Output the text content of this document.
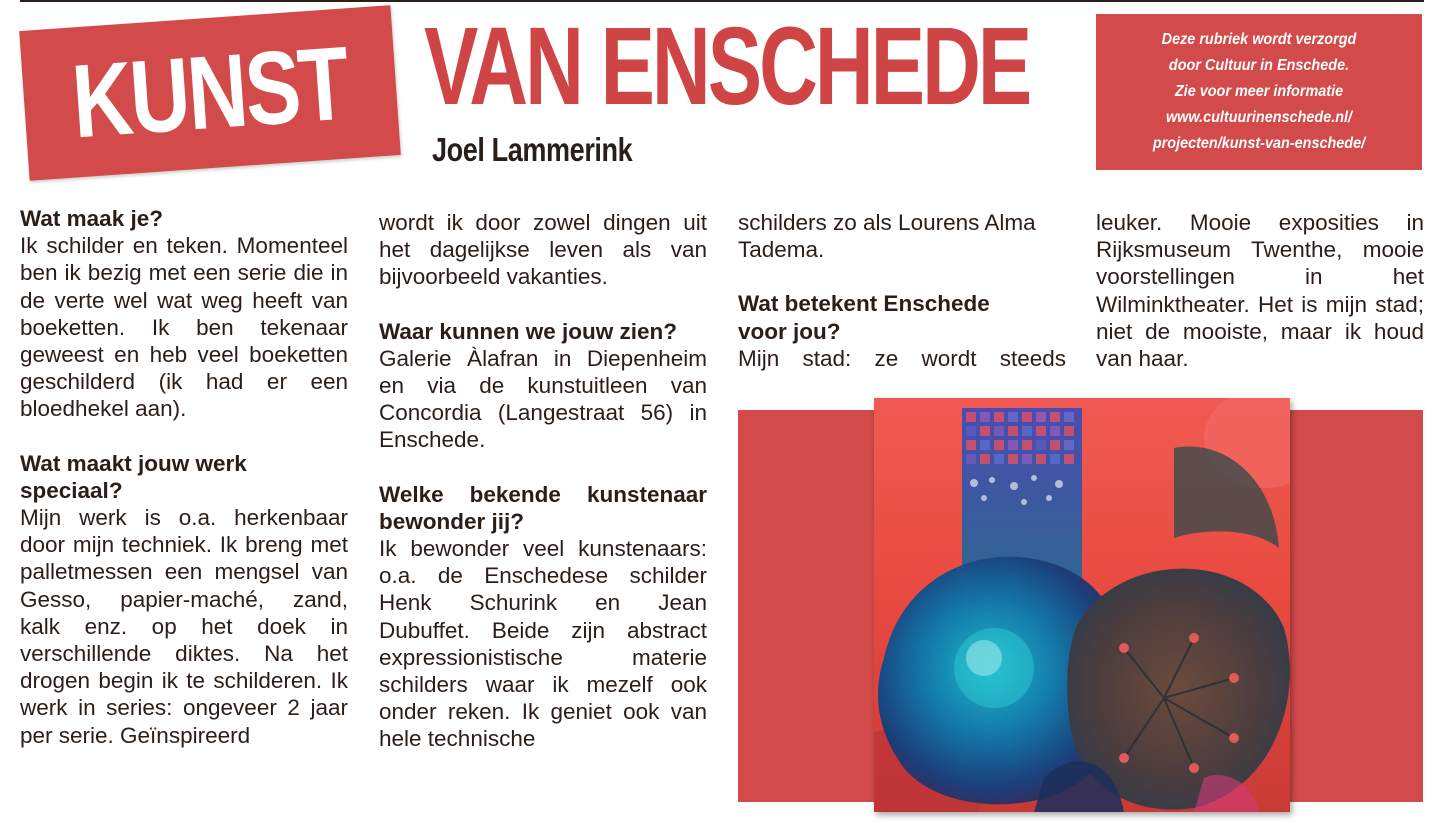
KUNST VAN ENSCHEDE
Joel Lammerink
Deze rubriek wordt verzorgd
door Cultuur in Enschede.
Zie voor meer informatie
www.cultuurinenschede.nl/
projecten/kunst-van-enschede/
Wat maak je?
Ik schilder en teken. Momenteel ben ik bezig met een serie die in de verte wel wat weg heeft van boeketten. Ik ben tekenaar geweest en heb veel boeketten geschilderd (ik had er een bloedhekel aan).
Wat maakt jouw werk speciaal?
Mijn werk is o.a. herkenbaar door mijn techniek. Ik breng met palletmessen een mengsel van Gesso, papier-maché, zand, kalk enz. op het doek in verschillende diktes. Na het drogen begin ik te schilderen. Ik werk in series: ongeveer 2 jaar per serie. Geïnspireerd
wordt ik door zowel dingen uit het dagelijkse leven als van bijvoorbeeld vakanties.
Waar kunnen we jouw zien?
Galerie Àlafran in Diepenheim en via de kunstuitleen van Concordia (Langestraat 56) in Enschede.
Welke bekende kunstenaar bewonder jij?
Ik bewonder veel kunstenaars: o.a. de Enschedese schilder Henk Schurink en Jean Dubuffet. Beide zijn abstract expressionistische materie schilders waar ik mezelf ook onder reken. Ik geniet ook van hele technische
schilders zo als Lourens Alma Tadema.
Wat betekent Enschede voor jou?
Mijn stad: ze wordt steeds
leuker. Mooie exposities in Rijksmuseum Twenthe, mooie voorstellingen in het Wilminktheater. Het is mijn stad; niet de mooiste, maar ik houd van haar.
